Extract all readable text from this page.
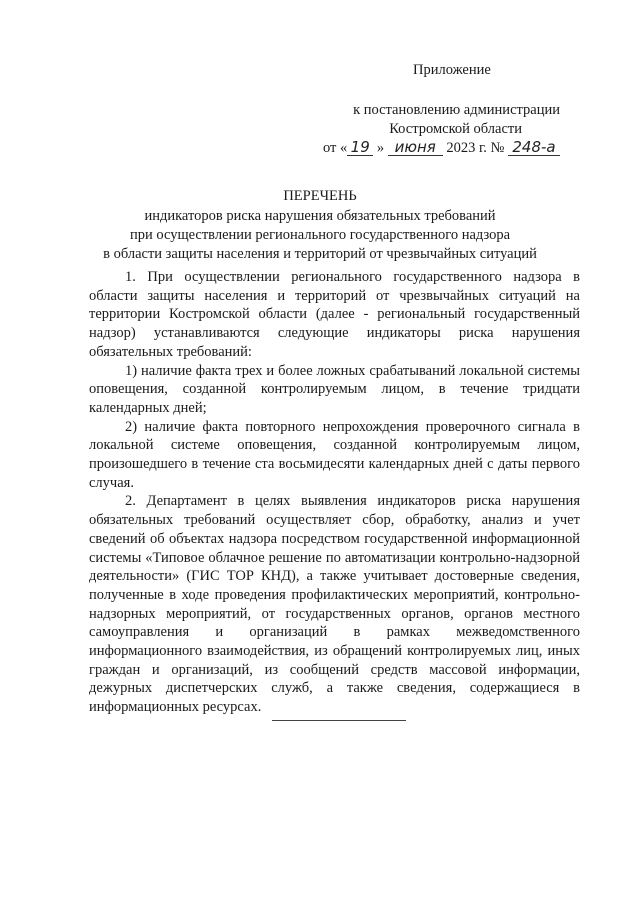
Приложение
к постановлению администрации
Костромской области
от « 19 » июня 2023 г. № 248-а
ПЕРЕЧЕНЬ
индикаторов риска нарушения обязательных требований
при осуществлении регионального государственного надзора
в области защиты населения и территорий от чрезвычайных ситуаций

1. При осуществлении регионального государственного надзора в области защиты населения и территорий от чрезвычайных ситуаций на территории Костромской области (далее - региональный государственный надзор) устанавливаются следующие индикаторы риска нарушения обязательных требований:

1) наличие факта трех и более ложных срабатываний локальной системы оповещения, созданной контролируемым лицом, в течение тридцати календарных дней;

2) наличие факта повторного непрохождения проверочного сигнала в локальной системе оповещения, созданной контролируемым лицом, произошедшего в течение ста восьмидесяти календарных дней с даты первого случая.

2. Департамент в целях выявления индикаторов риска нарушения обязательных требований осуществляет сбор, обработку, анализ и учет сведений об объектах надзора посредством государственной информационной системы «Типовое облачное решение по автоматизации контрольно-надзорной деятельности» (ГИС ТОР КНД), а также учитывает достоверные сведения, полученные в ходе проведения профилактических мероприятий, контрольно-надзорных мероприятий, от государственных органов, органов местного самоуправления и организаций в рамках межведомственного информационного взаимодействия, из обращений контролируемых лиц, иных граждан и организаций, из сообщений средств массовой информации, дежурных диспетчерских служб, а также сведения, содержащиеся в информационных ресурсах.
